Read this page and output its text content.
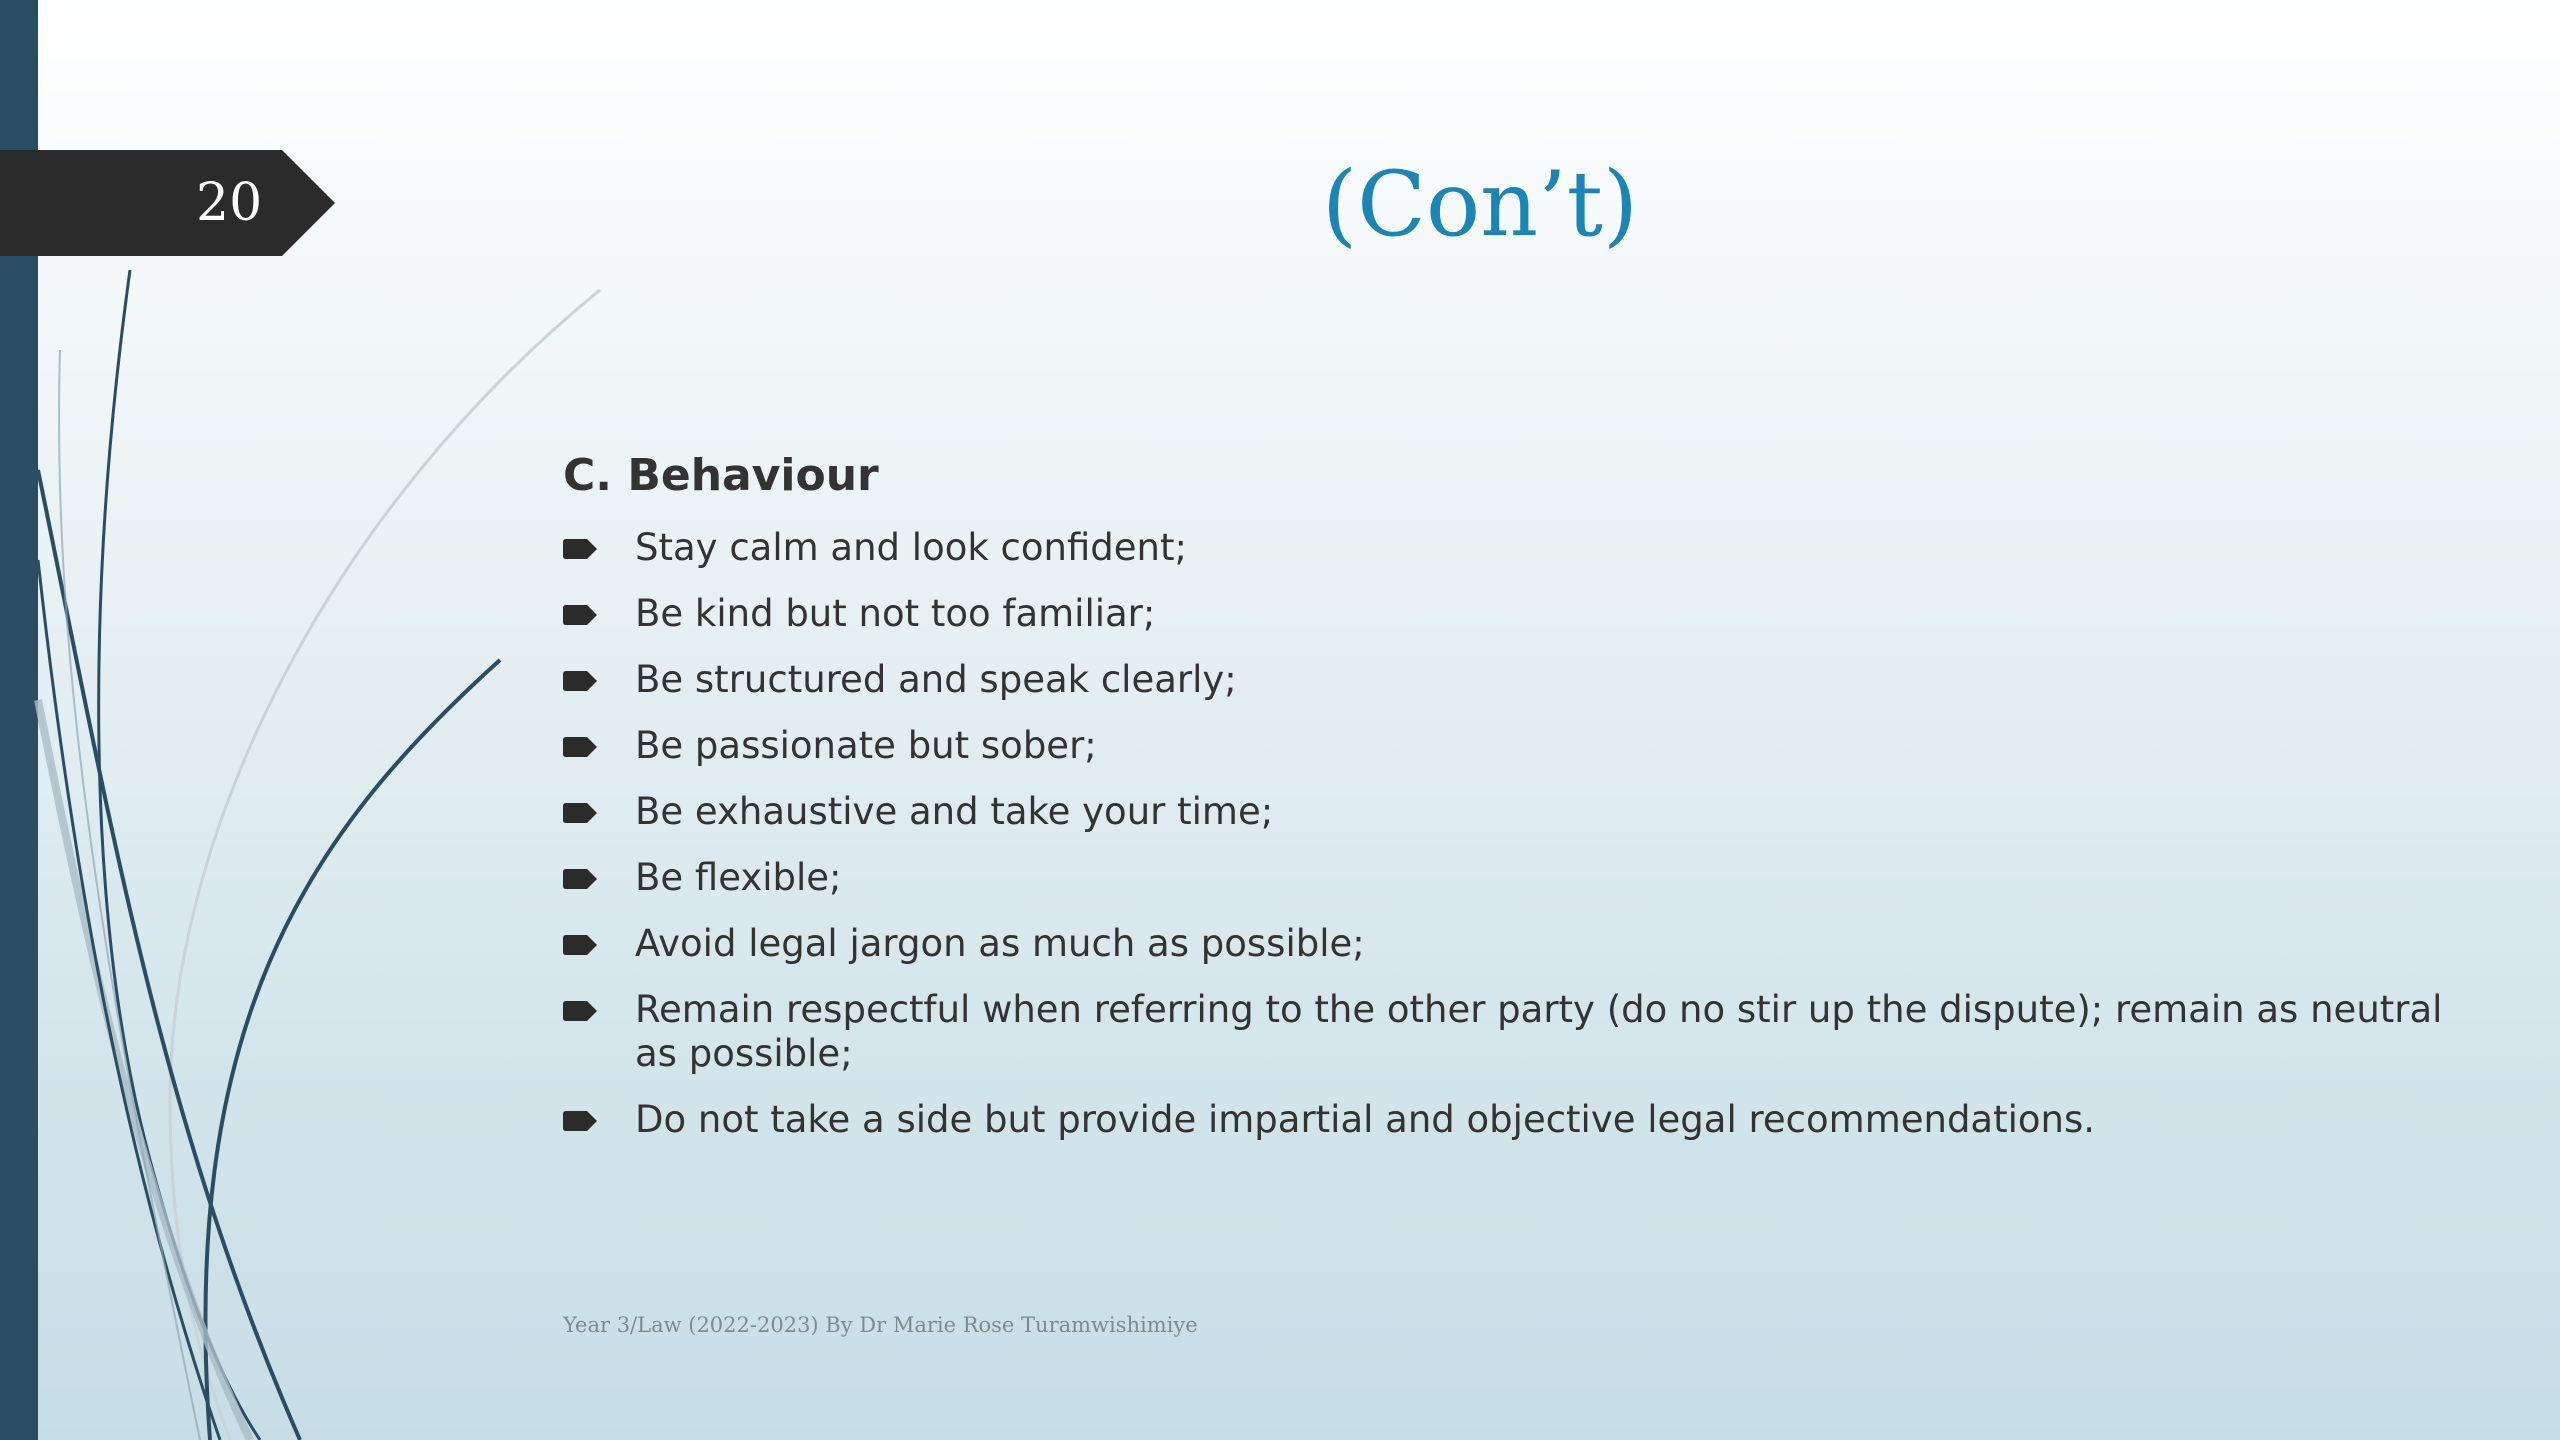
20	(Con’t)
C. Behaviour
Stay calm and look confident;
Be kind but not too familiar;
Be structured and speak clearly;
Be passionate but sober;
Be exhaustive and take your time;
Be flexible;
Avoid legal jargon as much as possible;
Remain respectful when referring to the other party (do no stir up the dispute); remain as neutral as possible;
Do not take a side but provide impartial and objective legal recommendations.
Year 3/Law (2022-2023) By Dr Marie Rose Turamwishimiye
